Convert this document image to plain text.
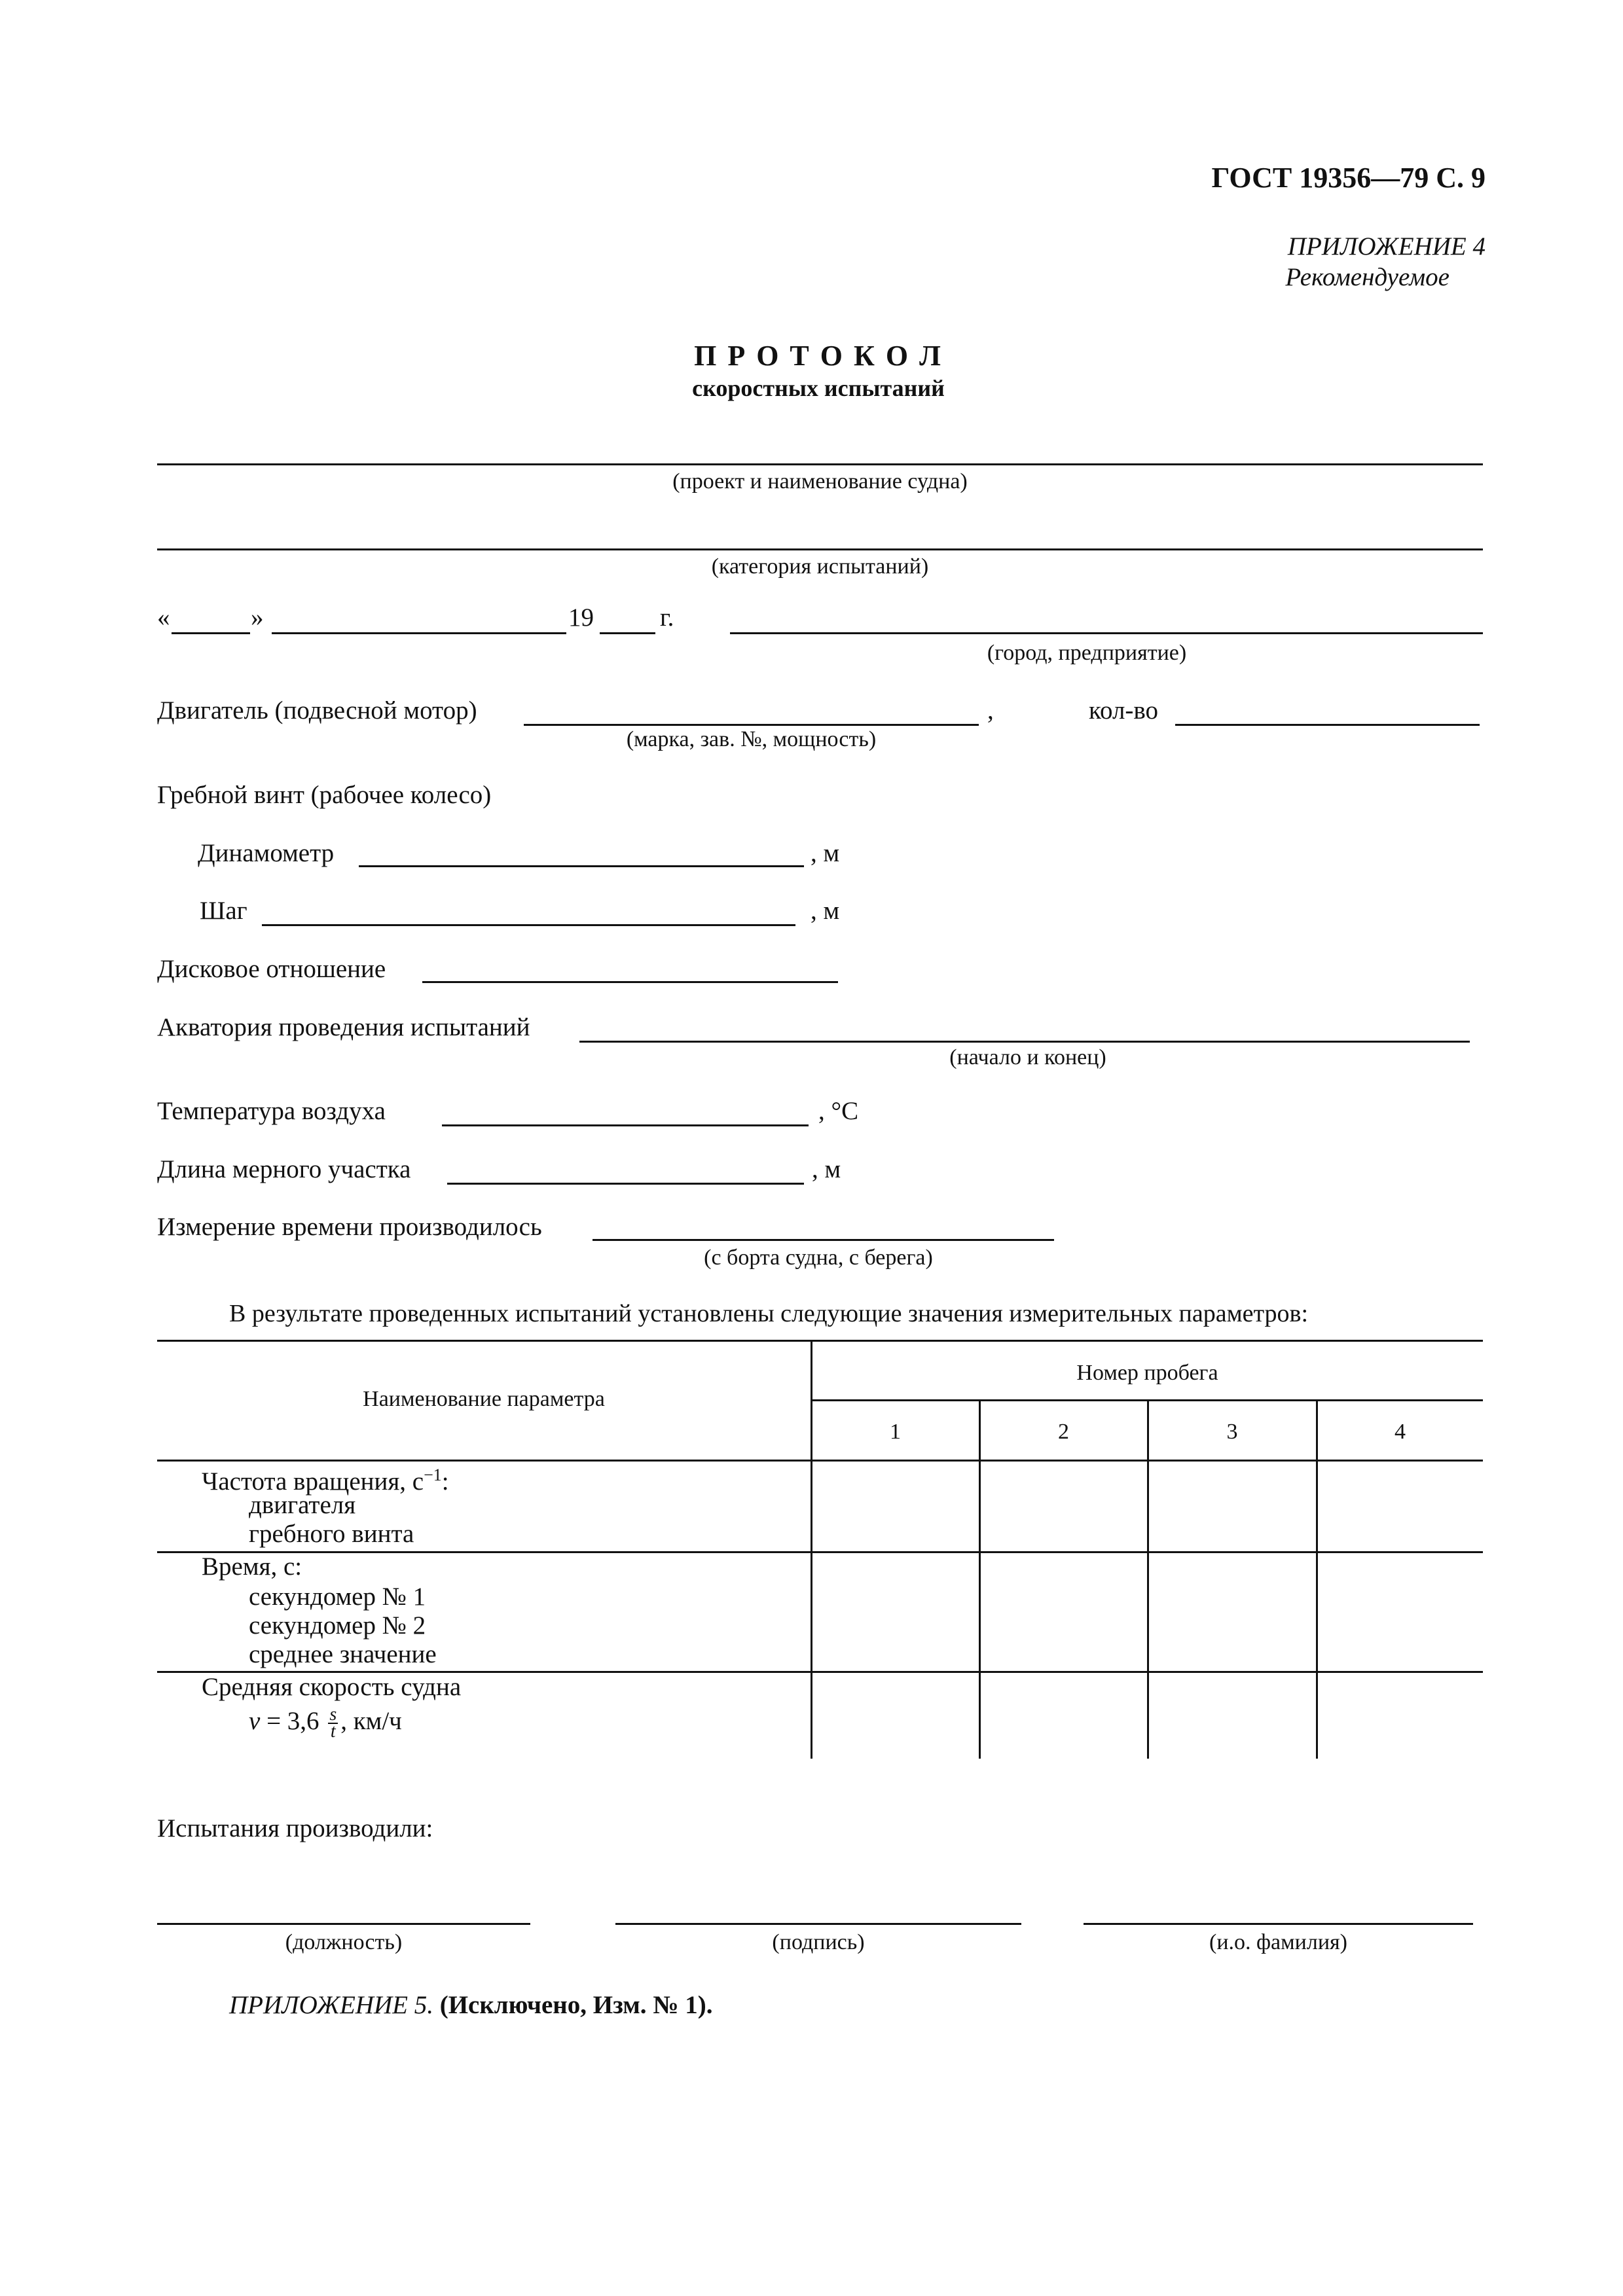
ГОСТ 19356—79 С. 9
ПРИЛОЖЕНИЕ 4
Рекомендуемое
П Р О Т О К О Л
скоростных испытаний
(проект и наименование судна)
(категория испытаний)
«	»	19	г.
(город, предприятие)
Двигатель (подвесной мотор)	,
(марка, зав. №, мощность)
кол-во
Гребной винт (рабочее колесо)
Динамометр	, м
Шаг	, м
Дисковое отношение
Акватория проведения испытаний
(начало и конец)
Температура воздуха	, °С
Длина мерного участка	, м
Измерение времени производилось
(с борта судна, с берега)
В результате проведенных испытаний установлены следующие значения измерительных параметров:
Наименование параметра
Номер пробега
1	2	3	4
Частота вращения, $с^{-1}$:
двигателя
гребного винта
Время, с:
секундомер № 1
секундомер № 2
среднее значение
Средняя скорость судна
$v = 3,6 \frac{s}{t}$ , км/ч
Испытания производили:
(должность)	(подпись)	(и.о. фамилия)
ПРИЛОЖЕНИЕ 5. (Исключено, Изм. № 1).
